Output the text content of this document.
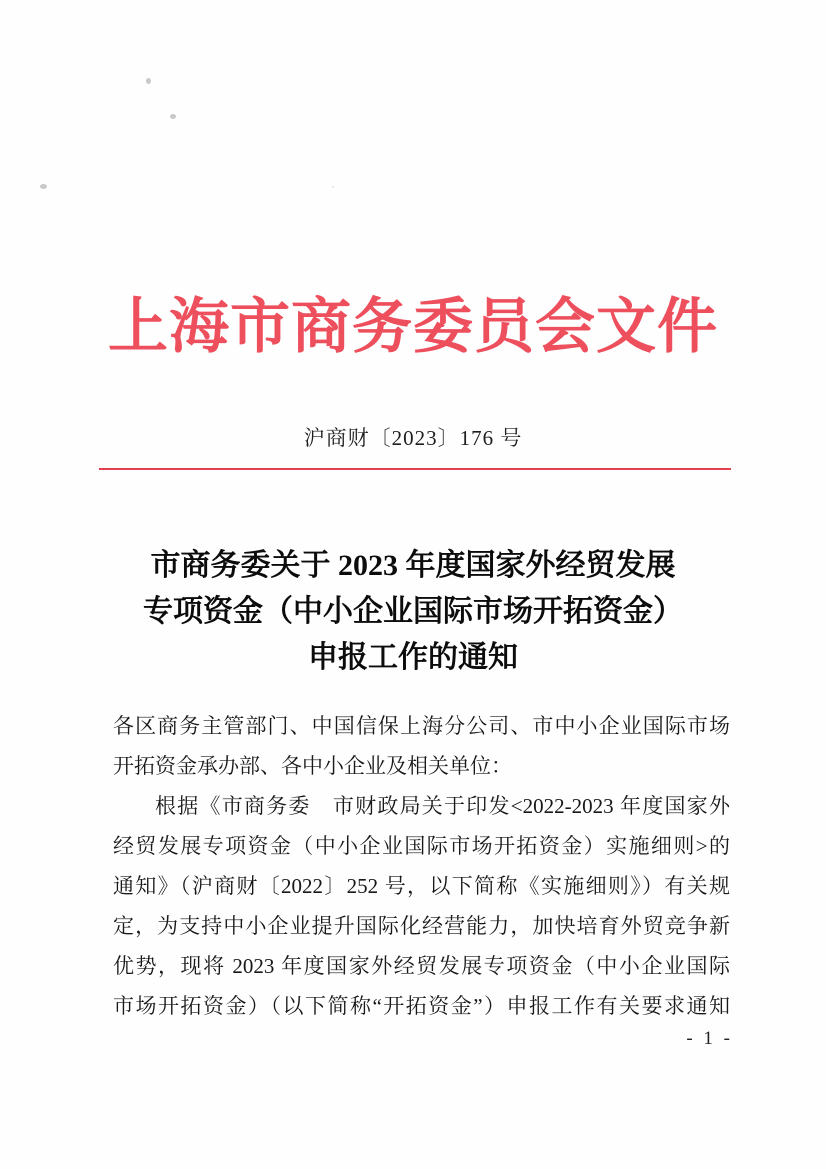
上海市商务委员会文件
沪商财〔2023〕176 号
市商务委关于 2023 年度国家外经贸发展
专项资金（中小企业国际市场开拓资金）
申报工作的通知
各区商务主管部门、中国信保上海分公司、市中小企业国际市场
开拓资金承办部、各中小企业及相关单位：
根据《市商务委　市财政局关于印发<2022-2023 年度国家外
经贸发展专项资金（中小企业国际市场开拓资金）实施细则>的
通知》（沪商财〔2022〕252 号，以下简称《实施细则》）有关规
定，为支持中小企业提升国际化经营能力，加快培育外贸竞争新
优势，现将 2023 年度国家外经贸发展专项资金（中小企业国际
市场开拓资金）（以下简称“开拓资金”）申报工作有关要求通知
- 1 -
